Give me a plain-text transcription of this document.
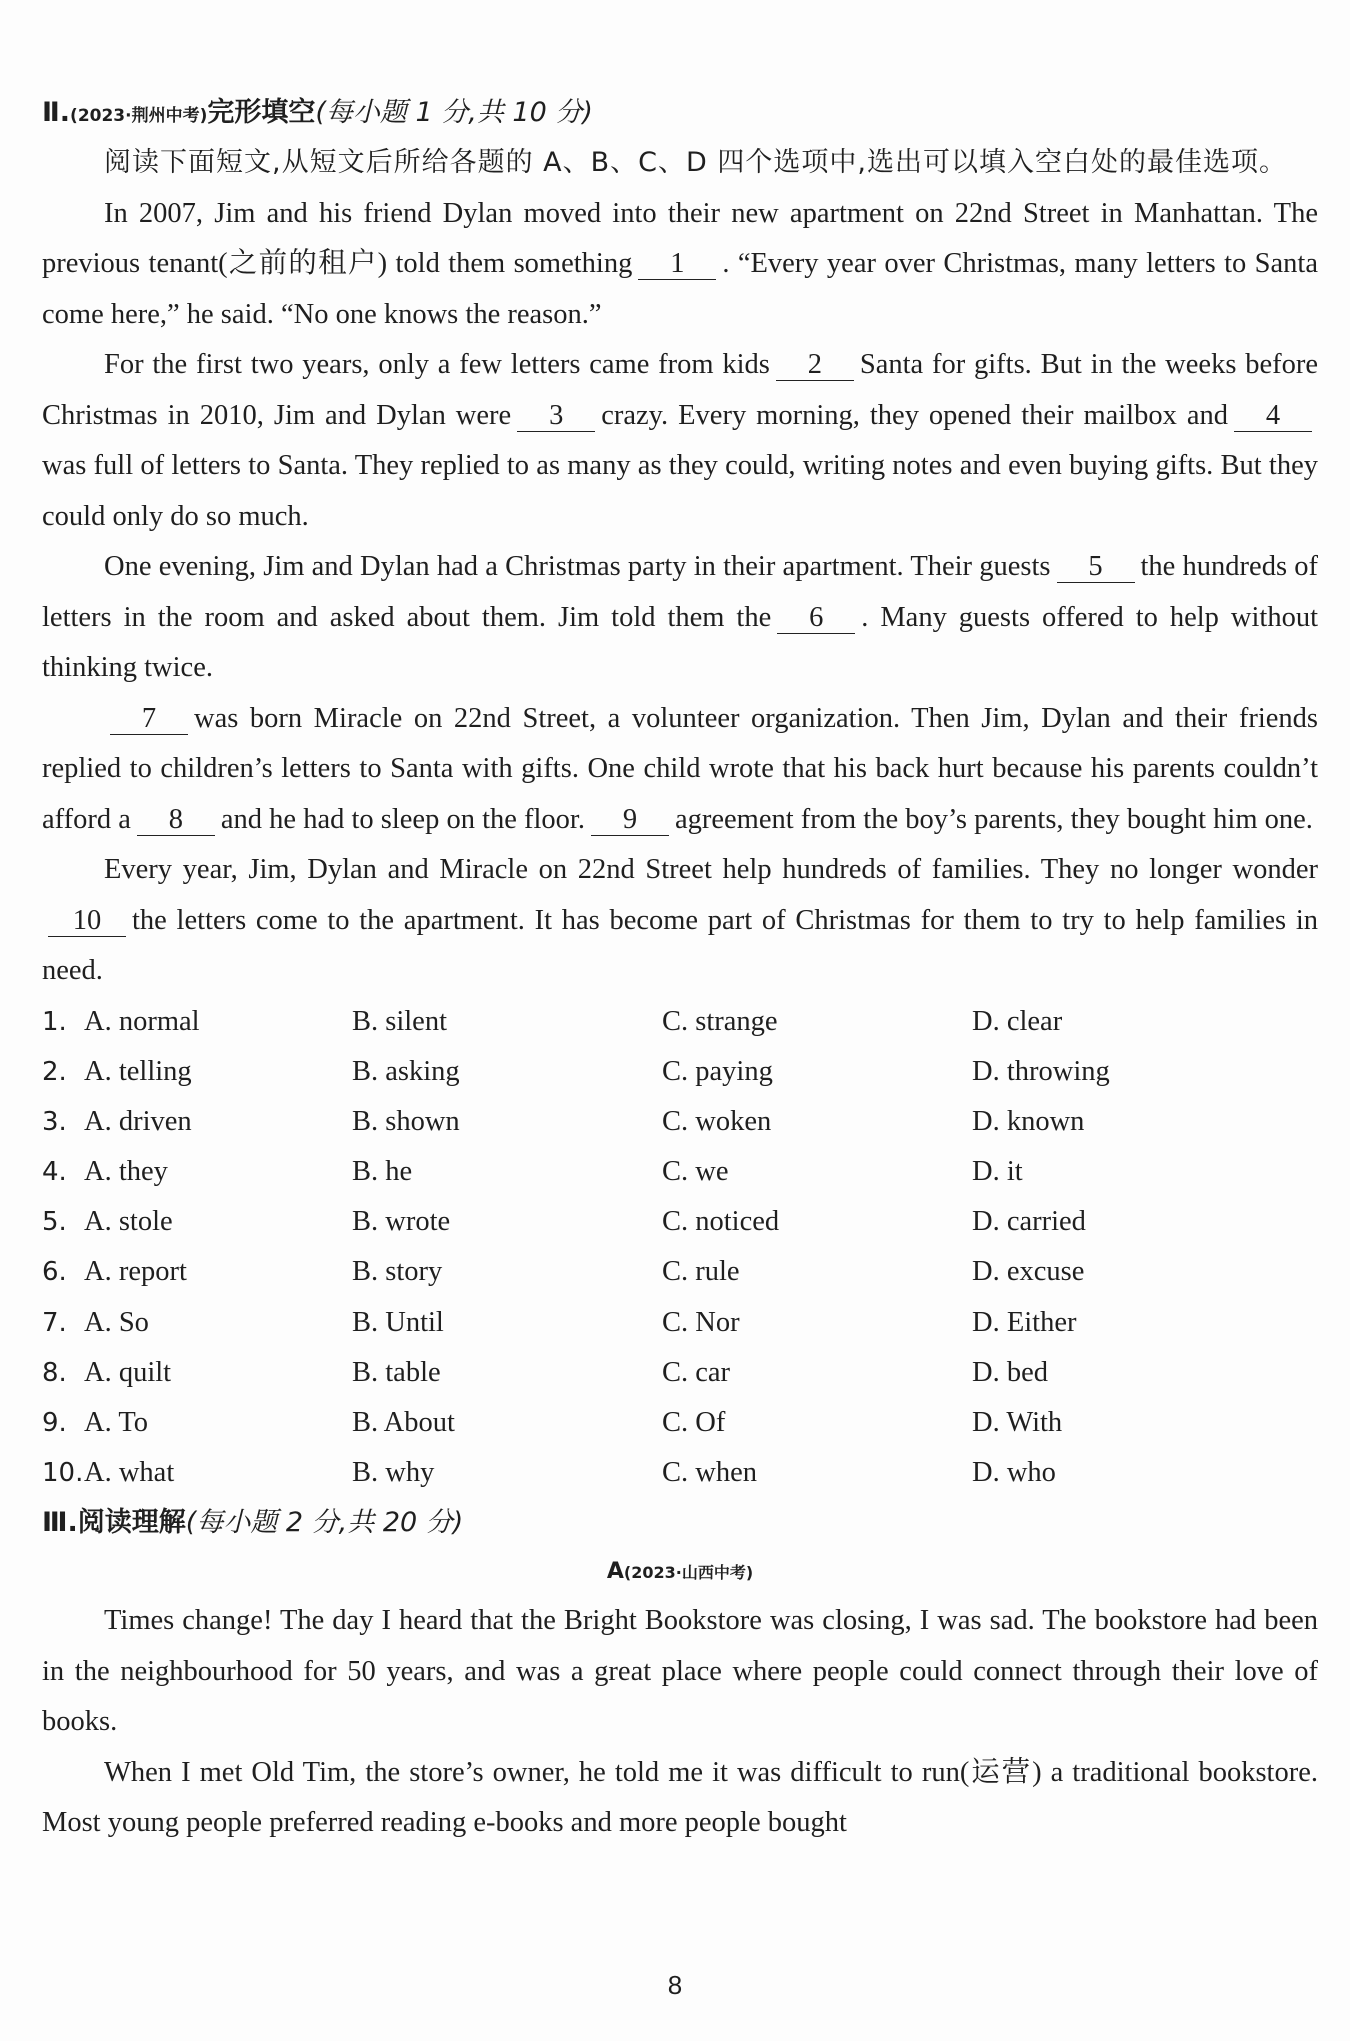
Ⅱ.(2023·荆州中考)完形填空(每小题 1 分,共 10 分)

阅读下面短文,从短文后所给各题的 A、B、C、D 四个选项中,选出可以填入空白处的最佳选项。

In 2007, Jim and his friend Dylan moved into their new apartment on 22nd Street in Manhattan. The previous tenant(之前的租户) told them something 1 . “Every year over Christmas, many letters to Santa come here,” he said. “No one knows the reason.”

For the first two years, only a few letters came from kids 2 Santa for gifts. But in the weeks before Christmas in 2010, Jim and Dylan were 3 crazy. Every morning, they opened their mailbox and 4was full of letters to Santa. They replied to as many as they could, writing notes and even buying gifts. But they could only do so much.

One evening, Jim and Dylan had a Christmas party in their apartment. Their guests 5 the hundreds of letters in the room and asked about them. Jim told them the 6 . Many guests offered to help without thinking twice.

7 was born Miracle on 22nd Street, a volunteer organization. Then Jim, Dylan and their friends replied to children’s letters to Santa with gifts. One child wrote that his back hurt because his parents couldn’t afford a 8 and he had to sleep on the floor. 9 agreement from the boy’s parents, they bought him one.

Every year, Jim, Dylan and Miracle on 22nd Street help hundreds of families. They no longer wonder10 the letters come to the apartment. It has become part of Christmas for them to try to help families in need.

1. A. normal	B. silent	C. strange	D. clear
2. A. telling	B. asking	C. paying	D. throwing
3. A. driven	B. shown	C. woken	D. known
4. A. they	B. he	C. we	D. it
5. A. stole	B. wrote	C. noticed	D. carried
6. A. report	B. story	C. rule	D. excuse
7. A. So	B. Until	C. Nor	D. Either
8. A. quilt	B. table	C. car	D. bed
9. A. To	B. About	C. Of	D. With
10. A. what	B. why	C. when	D. who
Ⅲ.阅读理解(每小题 2 分,共 20 分)
A(2023·山西中考)

Times change! The day I heard that the Bright Bookstore was closing, I was sad. The bookstore had been in the neighbourhood for 50 years, and was a great place where people could connect through their love of books.

When I met Old Tim, the store’s owner, he told me it was difficult to run(运营) a traditional bookstore. Most young people preferred reading e-books and more people bought

8
